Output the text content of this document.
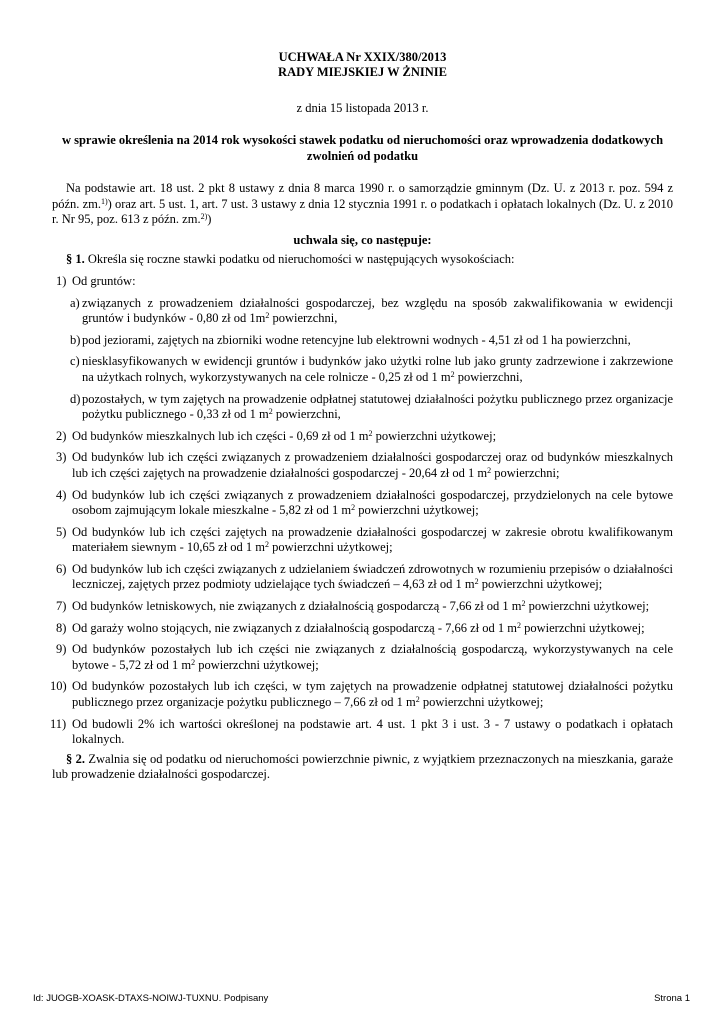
UCHWAŁA Nr XXIX/380/2013
RADY MIEJSKIEJ W ŻNINIE
z dnia 15 listopada 2013 r.
w sprawie określenia na 2014 rok wysokości stawek podatku od nieruchomości oraz wprowadzenia dodatkowych zwolnień od podatku

Na podstawie art. 18 ust. 2 pkt 8 ustawy z dnia 8 marca 1990 r. o samorządzie gminnym (Dz. U. z 2013 r. poz. 594 z późn. zm.$^{1)}$) oraz art. 5 ust. 1, art. 7 ust. 3 ustawy z dnia 12 stycznia 1991 r. o podatkach i opłatach lokalnych (Dz. U. z 2010 r. Nr 95, poz. 613 z późn. zm.$^{2)}$)

uchwala się, co następuje:

§ 1. Określa się roczne stawki podatku od nieruchomości w następujących wysokościach:

1) Od gruntów:

a) związanych z prowadzeniem działalności gospodarczej, bez względu na sposób zakwalifikowania w ewidencji gruntów i budynków - 0,80 zł od $1m^2$ powierzchni,

b) pod jeziorami, zajętych na zbiorniki wodne retencyjne lub elektrowni wodnych - 4,51 zł od 1 ha powierzchni,

c) niesklasyfikowanych w ewidencji gruntów i budynków jako użytki rolne lub jako grunty zadrzewione i zakrzewione na użytkach rolnych, wykorzystywanych na cele rolnicze - 0,25 zł od 1 $m^2$ powierzchni,

d) pozostałych, w tym zajętych na prowadzenie odpłatnej statutowej działalności pożytku publicznego przez organizacje pożytku publicznego - 0,33 zł od 1 $m^2$ powierzchni,

2) Od budynków mieszkalnych lub ich części - 0,69 zł od 1 $m^2$ powierzchni użytkowej;

3) Od budynków lub ich części związanych z prowadzeniem działalności gospodarczej oraz od budynków mieszkalnych lub ich części zajętych na prowadzenie działalności gospodarczej - 20,64 zł od 1 $m^2$ powierzchni;

4) Od budynków lub ich części związanych z prowadzeniem działalności gospodarczej, przydzielonych na cele bytowe osobom zajmującym lokale mieszkalne - 5,82 zł od 1 $m^2$ powierzchni użytkowej;

5) Od budynków lub ich części zajętych na prowadzenie działalności gospodarczej w zakresie obrotu kwalifikowanym materiałem siewnym - 10,65 zł od 1 $m^2$ powierzchni użytkowej;

6) Od budynków lub ich części związanych z udzielaniem świadczeń zdrowotnych w rozumieniu przepisów o działalności leczniczej, zajętych przez podmioty udzielające tych świadczeń – 4,63 zł od 1 $m^2$ powierzchni użytkowej;

7) Od budynków letniskowych, nie związanych z działalnością gospodarczą - 7,66 zł od 1 $m^2$ powierzchni użytkowej;

8) Od garaży wolno stojących, nie związanych z działalnością gospodarczą - 7,66 zł od 1 $m^2$ powierzchni użytkowej;

9) Od budynków pozostałych lub ich części nie związanych z działalnością gospodarczą, wykorzystywanych na cele bytowe - 5,72 zł od 1 $m^2$ powierzchni użytkowej;

10) Od budynków pozostałych lub ich części, w tym zajętych na prowadzenie odpłatnej statutowej działalności pożytku publicznego przez organizacje pożytku publicznego – 7,66 zł od 1 $m^2$ powierzchni użytkowej;

11) Od budowli 2% ich wartości określonej na podstawie art. 4 ust. 1 pkt 3 i ust. 3 - 7 ustawy o podatkach i opłatach lokalnych.

§ 2. Zwalnia się od podatku od nieruchomości powierzchnie piwnic, z wyjątkiem przeznaczonych na mieszkania, garaże lub prowadzenie działalności gospodarczej.

Id: JUOGB-XOASK-DTAXS-NOIWJ-TUXNU. Podpisany	Strona 1
